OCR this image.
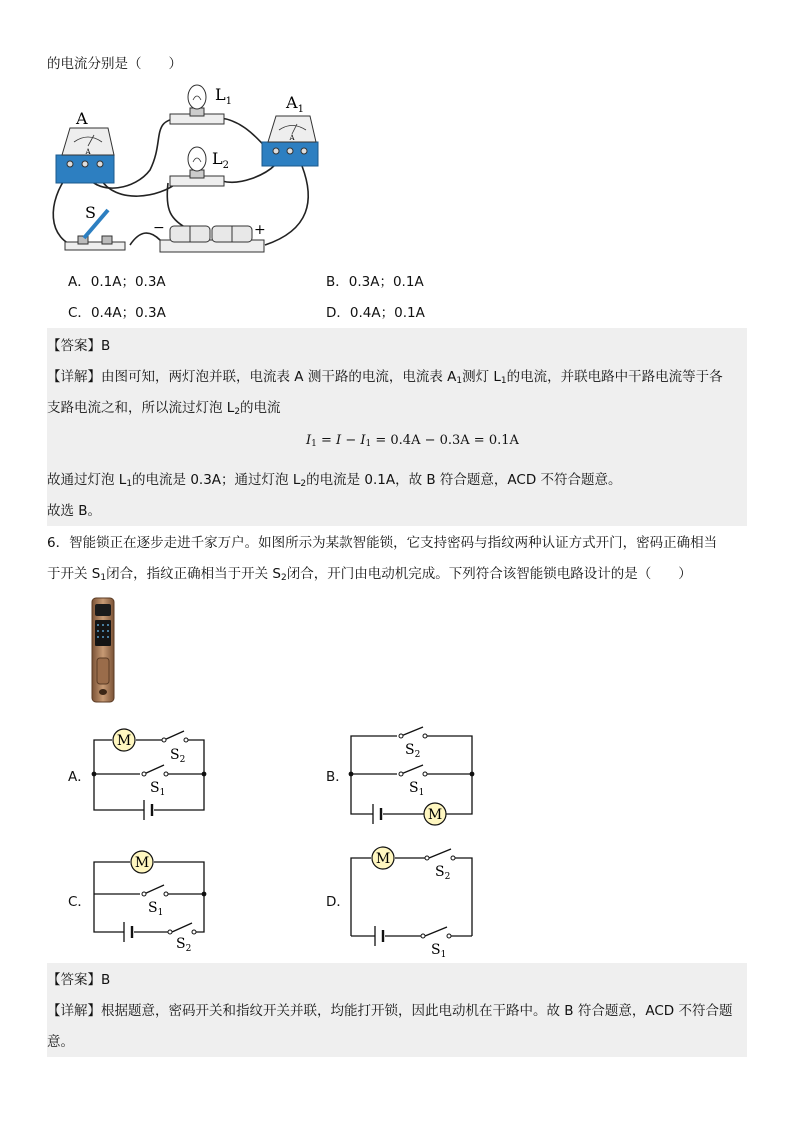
的电流分别是（　　）
A
A
$L_1$
$L_2$
A
$A_1$
S
−	+
A．0.1A；0.3A	B．0.3A；0.1A
C．0.4A；0.3A	D．0.4A；0.1A
【答案】B
【详解】由图可知，两灯泡并联，电流表 A 测干路的电流，电流表 $A_1$测灯 $L_1$的电流，并联电路中干路电流等于各
支路电流之和，所以流过灯泡 $L_2$的电流
$I_1 = I - I_1 = 0.4A - 0.3A = 0.1A$
故通过灯泡 $L_1$的电流是 0.3A；通过灯泡 $L_2$的电流是 0.1A，故 B 符合题意，ACD 不符合题意。
故选 B。
6．智能锁正在逐步走进千家万户。如图所示为某款智能锁，它支持密码与指纹两种认证方式开门，密码正确相当
于开关 $S_1$闭合，指纹正确相当于开关 $S_2$闭合，开门由电动机完成。下列符合该智能锁电路设计的是（　　）
A．
M
$S_2$
$S_1$
B．
M
$S_2$
$S_1$
C．
M
$S_1$
$S_2$
D．
M
$S_2$
$S_1$
【答案】B
【详解】根据题意，密码开关和指纹开关并联，均能打开锁，因此电动机在干路中。故 B 符合题意，ACD 不符合题
意。
